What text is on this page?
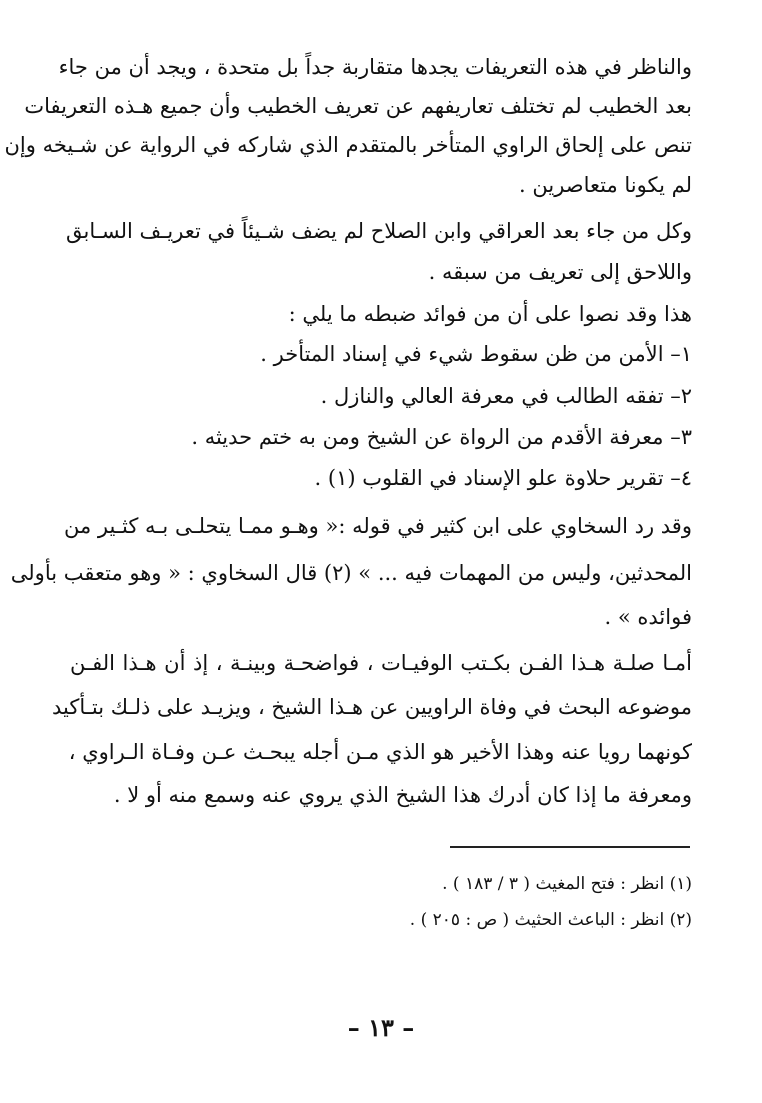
والناظر في هذه التعريفات يجدها متقاربة جداً بل متحدة ، ويجد أن من جاء
بعد الخطيب لم تختلف تعاريفهم عن تعريف الخطيب وأن جميع هـذه التعريفات
تنص على إلحاق الراوي المتأخر بالمتقدم الذي شاركه في الرواية عن شـيخه وإن
لم يكونا متعاصرين .
وكل من جاء بعد العراقي وابن الصلاح لم يضف شـيئاً في تعريـف السـابق
واللاحق إلى تعريف من سبقه .
هذا وقد نصوا على أن من فوائد ضبطه ما يلي :
١– الأمن من ظن سقوط شيء في إسناد المتأخر .
٢– تفقه الطالب في معرفة العالي والنازل .
٣– معرفة الأقدم من الرواة عن الشيخ ومن به ختم حديثه .
٤– تقرير حلاوة علو الإسناد في القلوب (١) .
وقد رد السخاوي على ابن كثير في قوله :« وهـو ممـا يتحلـى بـه كثـير من
المحدثين، وليس من المهمات فيه ... » (٢) قال السخاوي : « وهو متعقب بأولى
فوائده » .
أمـا صلـة هـذا الفـن بكـتب الوفيـات ، فواضحـة وبينـة ، إذ أن هـذا الفـن
موضوعه البحث في وفاة الراويين عن هـذا الشيخ ، ويزيـد على ذلـك بتـأكيد
كونهما رويا عنه وهذا الأخير هو الذي مـن أجله يبحـث عـن وفـاة الـراوي ،
ومعرفة ما إذا كان أدرك هذا الشيخ الذي يروي عنه وسمع منه أو لا .
(١) انظر : فتح المغيث ( ٣ / ١٨٣ ) .
(٢) انظر : الباعث الحثيث ( ص : ٢٠٥ ) .
– ١٣ –
